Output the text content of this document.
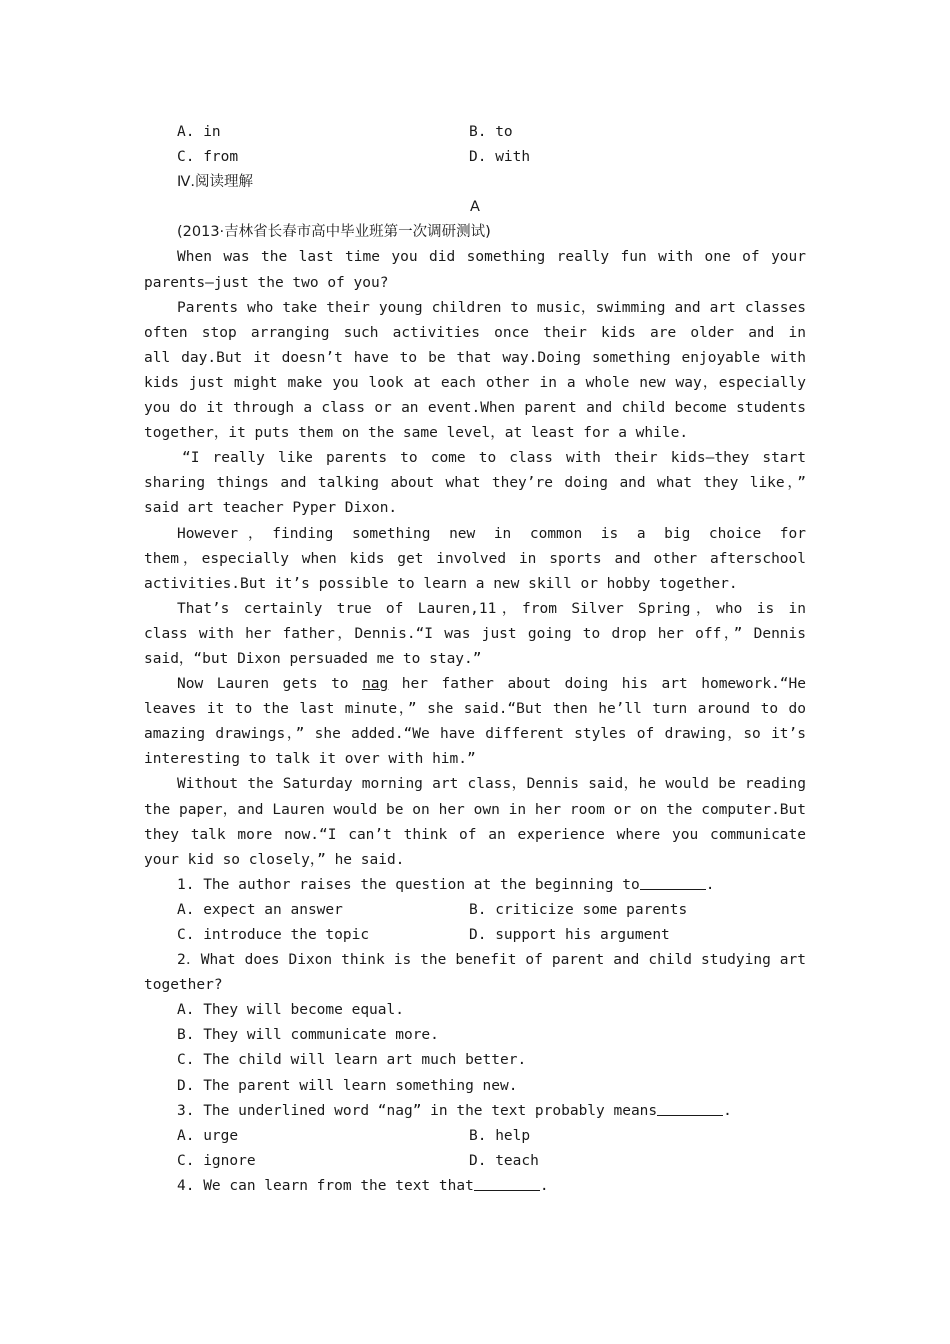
A. in	B. to
C. from	D. with
Ⅳ.阅读理解
A
(2013·吉林省长春市高中毕业班第一次调研测试)
When was the last time you did something really fun with one of your
parents—just the two of you?
Parents who take their young children to music，swimming and art classes
often stop arranging such activities once their kids are older and in
all day.But it doesn’t have to be that way.Doing something enjoyable with
kids just might make you look at each other in a whole new way，especially
you do it through a class or an event.When parent and child become students
together，it puts them on the same level，at least for a while.
“I really like parents to come to class with their kids—they start
sharing things and talking about what they’re doing and what they like，”
said art teacher Pyper Dixon.
However，finding something new in common is a big choice for
them，especially when kids get involved in sports and other afterschool
activities.But it’s possible to learn a new skill or hobby together.
That’s certainly true of Lauren,11，from Silver Spring，who is in
class with her father，Dennis.“I was just going to drop her off，” Dennis
said，“but Dixon persuaded me to stay.”
Now Lauren gets to nag her father about doing his art homework.“He
leaves it to the last minute，” she said.“But then he’ll turn around to do
amazing drawings，” she added.“We have different styles of drawing，so it’s
interesting to talk it over with him.”
Without the Saturday morning art class，Dennis said，he would be reading
the paper，and Lauren would be on her own in her room or on the computer.But
they talk more now.“I can’t think of an experience where you communicate
your kid so closely，” he said.
1. The author raises the question at the beginning to	.
A. expect an answer	B. criticize some parents
C. introduce the topic	D. support his argument
2．What does Dixon think is the benefit of parent and child studying art
together?
A. They will become equal.
B. They will communicate more.
C. The child will learn art much better.
D. The parent will learn something new.
3. The underlined word “nag” in the text probably means	.
A. urge	B. help
C. ignore	D. teach
4. We can learn from the text that	.
